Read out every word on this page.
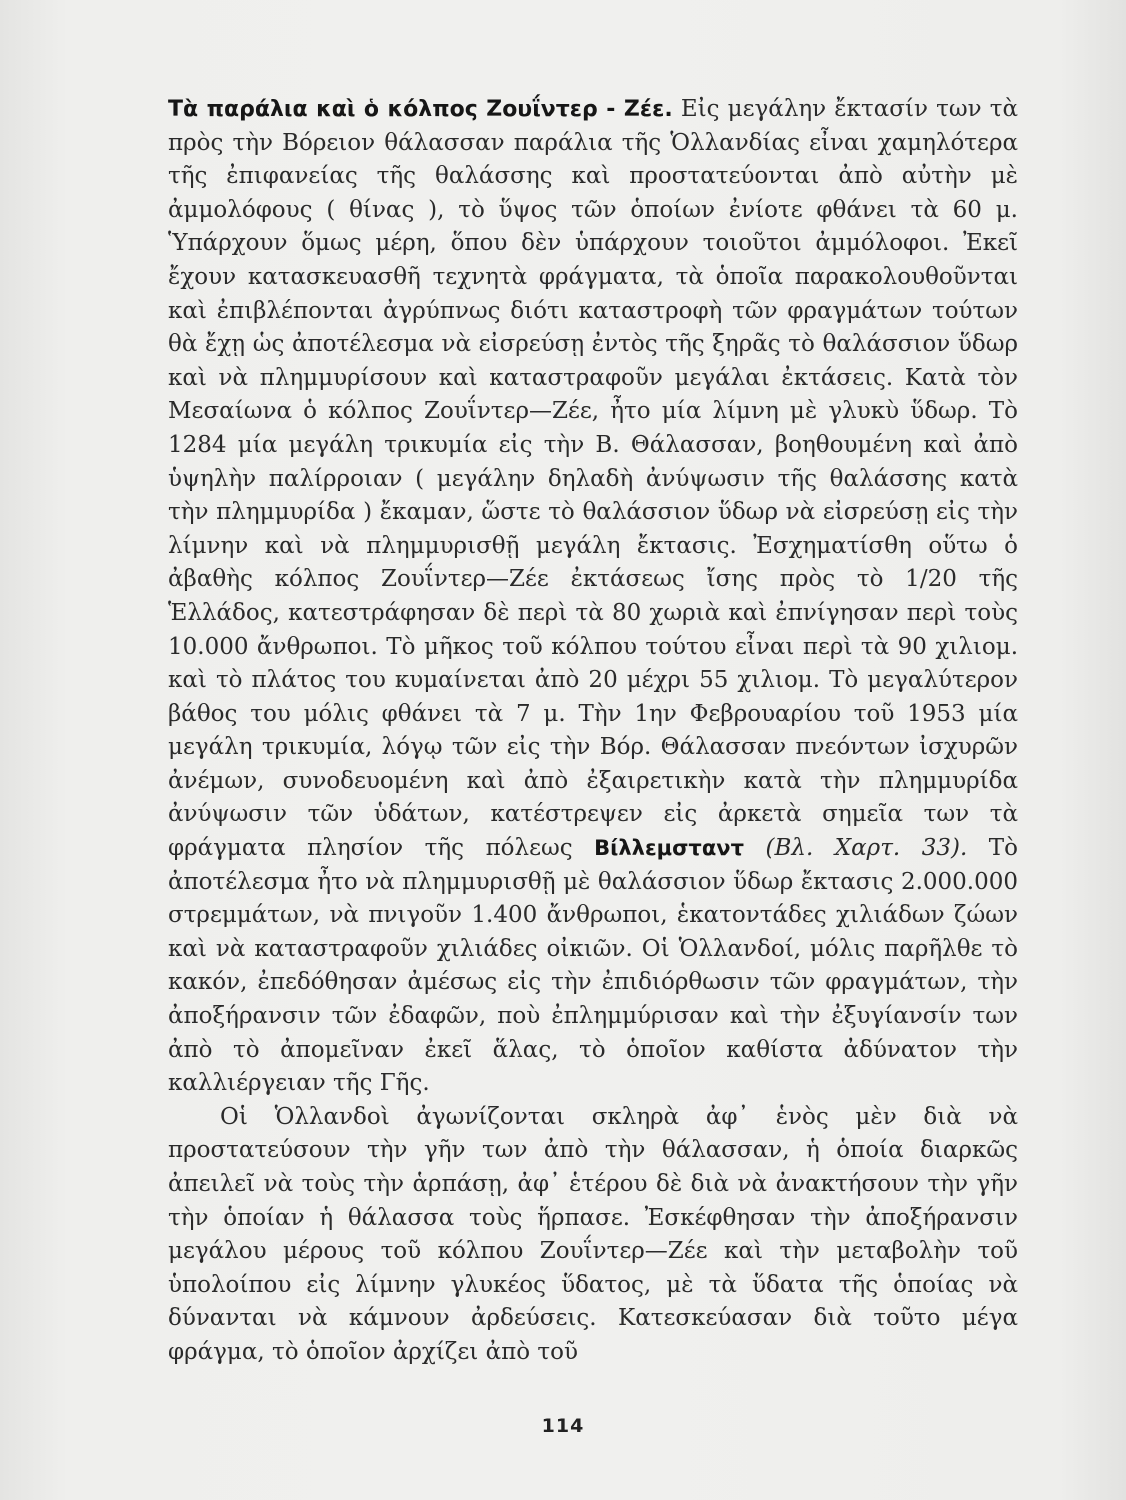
Τὰ παράλια καὶ ὁ κόλπος Ζουΐντερ - Ζέε. Εἰς μεγάλην ἔκτασίν των τὰ πρὸς τὴν Βόρειον θάλασσαν παράλια τῆς Ὁλλανδίας εἶναι χαμηλότερα τῆς ἐπιφανείας τῆς θαλάσσης καὶ προστατεύονται ἀπὸ αὐτὴν μὲ ἀμμολόφους ( θίνας ), τὸ ὕψος τῶν ὁποίων ἐνίοτε φθάνει τὰ 60 μ. Ὑπάρχουν ὅμως μέρη, ὅπου δὲν ὑπάρχουν τοιοῦτοι ἀμμόλοφοι. Ἐκεῖ ἔχουν κατασκευασθῆ τεχνητὰ φράγματα, τὰ ὁποῖα παρακολουθοῦνται καὶ ἐπιβλέπονται ἀγρύπνως διότι καταστροφὴ τῶν φραγμάτων τούτων θὰ ἔχῃ ὡς ἀποτέλεσμα νὰ εἰσρεύσῃ ἐντὸς τῆς ξηρᾶς τὸ θαλάσσιον ὕδωρ καὶ νὰ πλημμυρίσουν καὶ καταστραφοῦν μεγάλαι ἐκτάσεις. Κατὰ τὸν Μεσαίωνα ὁ κόλπος Ζουΐντερ—Ζέε, ἦτο μία λίμνη μὲ γλυκὺ ὕδωρ. Τὸ 1284 μία μεγάλη τρικυμία εἰς τὴν Β. Θάλασσαν, βοηθουμένη καὶ ἀπὸ ὑψηλὴν παλίρροιαν ( μεγάλην δηλαδὴ ἀνύψωσιν τῆς θαλάσσης κατὰ τὴν πλημμυρίδα ) ἔκαμαν, ὥστε τὸ θαλάσσιον ὕδωρ νὰ εἰσρεύσῃ εἰς τὴν λίμνην καὶ νὰ πλημμυρισθῇ μεγάλη ἔκτασις. Ἐσχηματίσθη οὕτω ὁ ἀβαθὴς κόλπος Ζουΐντερ—Ζέε ἐκτάσεως ἴσης πρὸς τὸ 1/20 τῆς Ἑλλάδος, κατεστράφησαν δὲ περὶ τὰ 80 χωριὰ καὶ ἐπνίγησαν περὶ τοὺς 10.000 ἄνθρωποι. Τὸ μῆκος τοῦ κόλπου τούτου εἶναι περὶ τὰ 90 χιλιομ. καὶ τὸ πλάτος του κυμαίνεται ἀπὸ 20 μέχρι 55 χιλιομ. Τὸ μεγαλύτερον βάθος του μόλις φθάνει τὰ 7 μ. Τὴν 1ην Φεβρουαρίου τοῦ 1953 μία μεγάλη τρικυμία, λόγῳ τῶν εἰς τὴν Βόρ. Θάλασσαν πνεόντων ἰσχυρῶν ἀνέμων, συνοδευομένη καὶ ἀπὸ ἐξαιρετικὴν κατὰ τὴν πλημμυρίδα ἀνύψωσιν τῶν ὑδάτων, κατέστρεψεν εἰς ἀρκετὰ σημεῖα των τὰ φράγματα πλησίον τῆς πόλεως Βίλλεμσταντ (Βλ. Χαρτ. 33). Τὸ ἀποτέλεσμα ἦτο νὰ πλημμυρισθῇ μὲ θαλάσσιον ὕδωρ ἔκτασις 2.000.000 στρεμμάτων, νὰ πνιγοῦν 1.400 ἄνθρωποι, ἑκατοντάδες χιλιάδων ζώων καὶ νὰ καταστραφοῦν χιλιάδες οἰκιῶν. Οἱ Ὁλλανδοί, μόλις παρῆλθε τὸ κακόν, ἐπεδόθησαν ἀμέσως εἰς τὴν ἐπιδιόρθωσιν τῶν φραγμάτων, τὴν ἀποξήρανσιν τῶν ἐδαφῶν, ποὺ ἐπλημμύρισαν καὶ τὴν ἐξυγίανσίν των ἀπὸ τὸ ἀπομεῖναν ἐκεῖ ἅλας, τὸ ὁποῖον καθίστα ἀδύνατον τὴν καλλιέργειαν τῆς Γῆς.

Οἱ Ὁλλανδοὶ ἀγωνίζονται σκληρὰ ἀφ᾽ ἑνὸς μὲν διὰ νὰ προστατεύσουν τὴν γῆν των ἀπὸ τὴν θάλασσαν, ἡ ὁποία διαρκῶς ἀπειλεῖ νὰ τοὺς τὴν ἁρπάσῃ, ἀφ᾽ ἑτέρου δὲ διὰ νὰ ἀνακτήσουν τὴν γῆν τὴν ὁποίαν ἡ θάλασσα τοὺς ἥρπασε. Ἐσκέφθησαν τὴν ἀποξήρανσιν μεγάλου μέρους τοῦ κόλπου Ζουΐντερ—Ζέε καὶ τὴν μεταβολὴν τοῦ ὑπολοίπου εἰς λίμνην γλυκέος ὕδατος, μὲ τὰ ὕδατα τῆς ὁποίας νὰ δύνανται νὰ κάμνουν ἀρδεύσεις. Κατεσκεύασαν διὰ τοῦτο μέγα φράγμα, τὸ ὁποῖον ἀρχίζει ἀπὸ τοῦ

114
